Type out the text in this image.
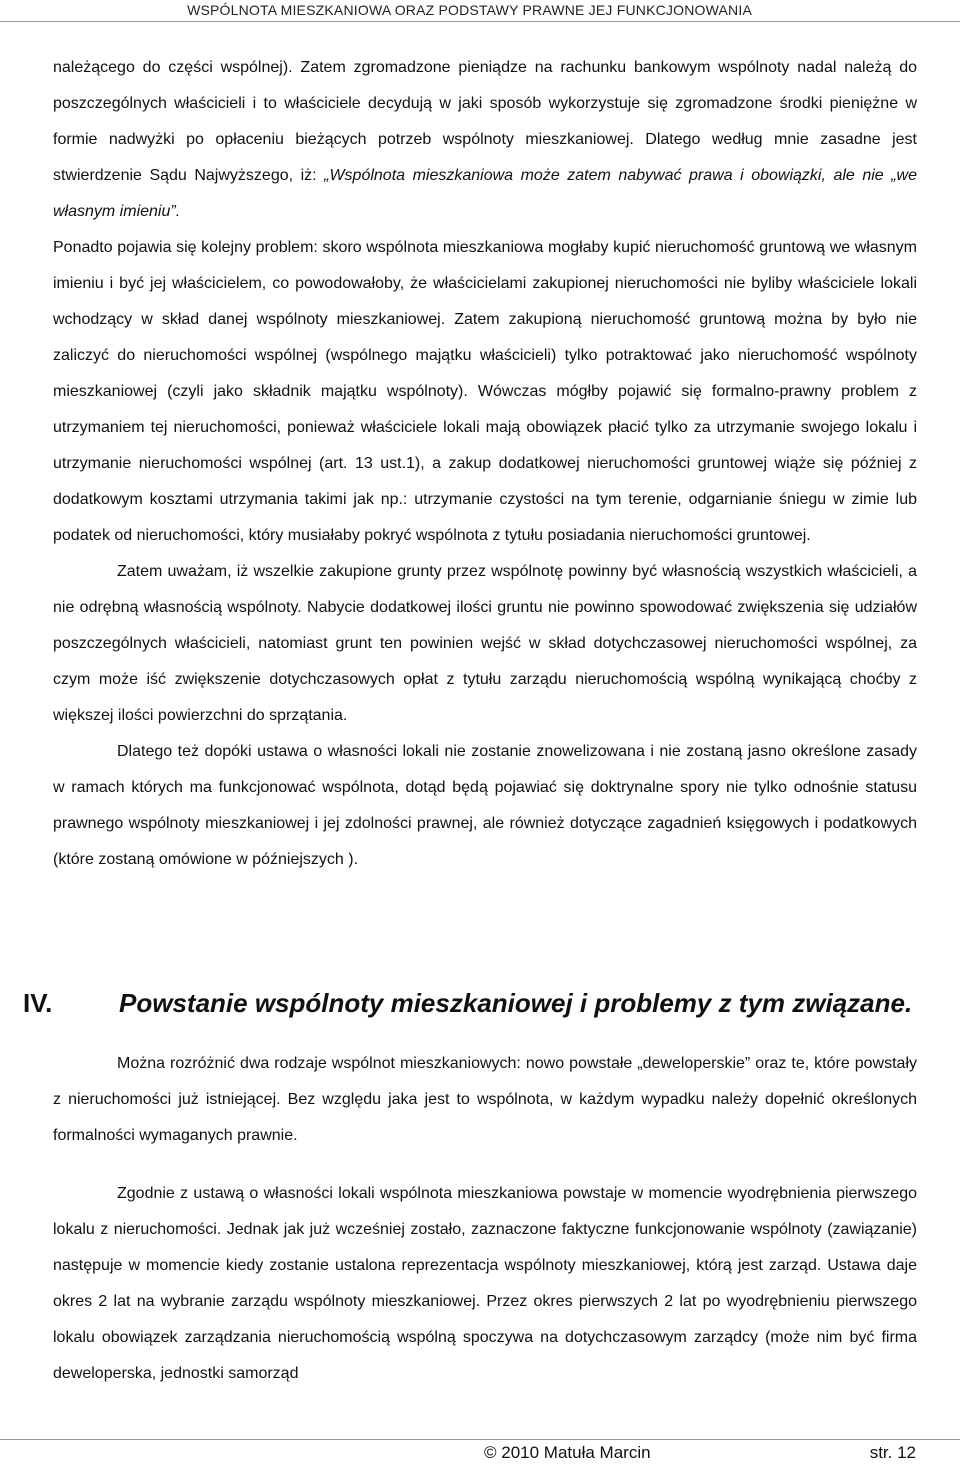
WSPÓLNOTA MIESZKANIOWA ORAZ PODSTAWY PRAWNE JEJ FUNKCJONOWANIA

należącego do części wspólnej). Zatem zgromadzone pieniądze na rachunku bankowym wspólnoty nadal należą do poszczególnych właścicieli i to właściciele decydują w jaki sposób wykorzystuje się zgromadzone środki pieniężne w formie nadwyżki po opłaceniu bieżących potrzeb wspólnoty mieszkaniowej. Dlatego według mnie zasadne jest stwierdzenie Sądu Najwyższego, iż: „Wspólnota mieszkaniowa może zatem nabywać prawa i obowiązki, ale nie „we własnym imieniu”.

Ponadto pojawia się kolejny problem: skoro wspólnota mieszkaniowa mogłaby kupić nieruchomość gruntową we własnym imieniu i być jej właścicielem, co powodowałoby, że właścicielami zakupionej nieruchomości nie byliby właściciele lokali wchodzący w skład danej wspólnoty mieszkaniowej. Zatem zakupioną nieruchomość gruntową można by było nie zaliczyć do nieruchomości wspólnej (wspólnego majątku właścicieli) tylko potraktować jako nieruchomość wspólnoty mieszkaniowej (czyli jako składnik majątku wspólnoty). Wówczas mógłby pojawić się formalno-prawny problem z utrzymaniem tej nieruchomości, ponieważ właściciele lokali mają obowiązek płacić tylko za utrzymanie swojego lokalu i utrzymanie nieruchomości wspólnej (art. 13 ust.1), a zakup dodatkowej nieruchomości gruntowej wiąże się później z dodatkowym kosztami utrzymania takimi jak np.: utrzymanie czystości na tym terenie, odgarnianie śniegu w zimie lub podatek od nieruchomości, który musiałaby pokryć wspólnota z tytułu posiadania nieruchomości gruntowej.

Zatem uważam, iż wszelkie zakupione grunty przez wspólnotę powinny być własnością wszystkich właścicieli, a nie odrębną własnością wspólnoty. Nabycie dodatkowej ilości gruntu nie powinno spowodować zwiększenia się udziałów poszczególnych właścicieli, natomiast grunt ten powinien wejść w skład dotychczasowej nieruchomości wspólnej, za czym może iść zwiększenie dotychczasowych opłat z tytułu zarządu nieruchomością wspólną wynikającą choćby z większej ilości powierzchni do sprzątania.

Dlatego też dopóki ustawa o własności lokali nie zostanie znowelizowana i nie zostaną jasno określone zasady w ramach których ma funkcjonować wspólnota, dotąd będą pojawiać się doktrynalne spory nie tylko odnośnie statusu prawnego wspólnoty mieszkaniowej i jej zdolności prawnej, ale również dotyczące zagadnień księgowych i podatkowych (które zostaną omówione w późniejszych ).

IV.	Powstanie wspólnoty mieszkaniowej i problemy z tym związane.

Można rozróżnić dwa rodzaje wspólnot mieszkaniowych: nowo powstałe „deweloperskie” oraz te, które powstały z nieruchomości już istniejącej. Bez względu jaka jest to wspólnota, w każdym wypadku należy dopełnić określonych formalności wymaganych prawnie.

Zgodnie z ustawą o własności lokali wspólnota mieszkaniowa powstaje w momencie wyodrębnienia pierwszego lokalu z nieruchomości. Jednak jak już wcześniej zostało, zaznaczone faktyczne funkcjonowanie wspólnoty (zawiązanie) następuje w momencie kiedy zostanie ustalona reprezentacja wspólnoty mieszkaniowej, którą jest zarząd. Ustawa daje okres 2 lat na wybranie zarządu wspólnoty mieszkaniowej. Przez okres pierwszych 2 lat po wyodrębnieniu pierwszego lokalu obowiązek zarządzania nieruchomością wspólną spoczywa na dotychczasowym zarządcy (może nim być firma deweloperska, jednostki samorząd

© 2010 Matuła Marcin	str. 12
